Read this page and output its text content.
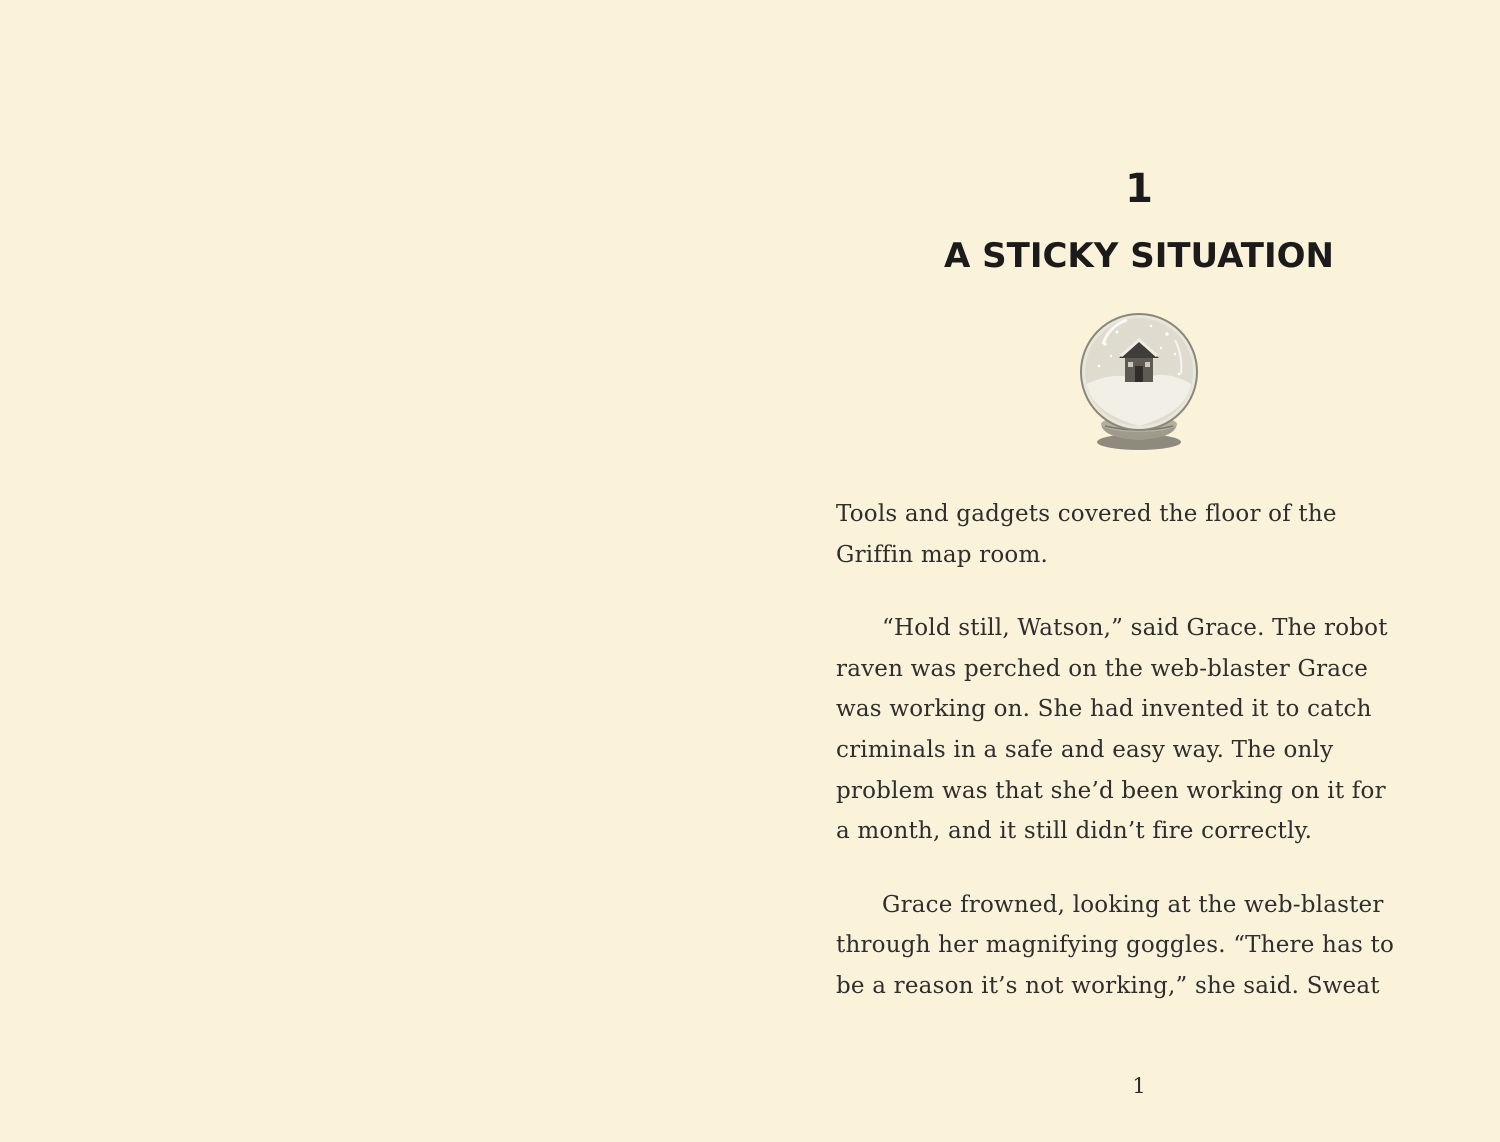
1
A STICKY SITUATION
Tools and gadgets covered the floor of the
Griffin map room.
“Hold still, Watson,” said Grace. The robot
raven was perched on the web-blaster Grace
was working on. She had invented it to catch
criminals in a safe and easy way. The only
problem was that she’d been working on it for
a month, and it still didn’t fire correctly.
Grace frowned, looking at the web-blaster
through her magnifying goggles. “There has to
be a reason it’s not working,” she said. Sweat
1
